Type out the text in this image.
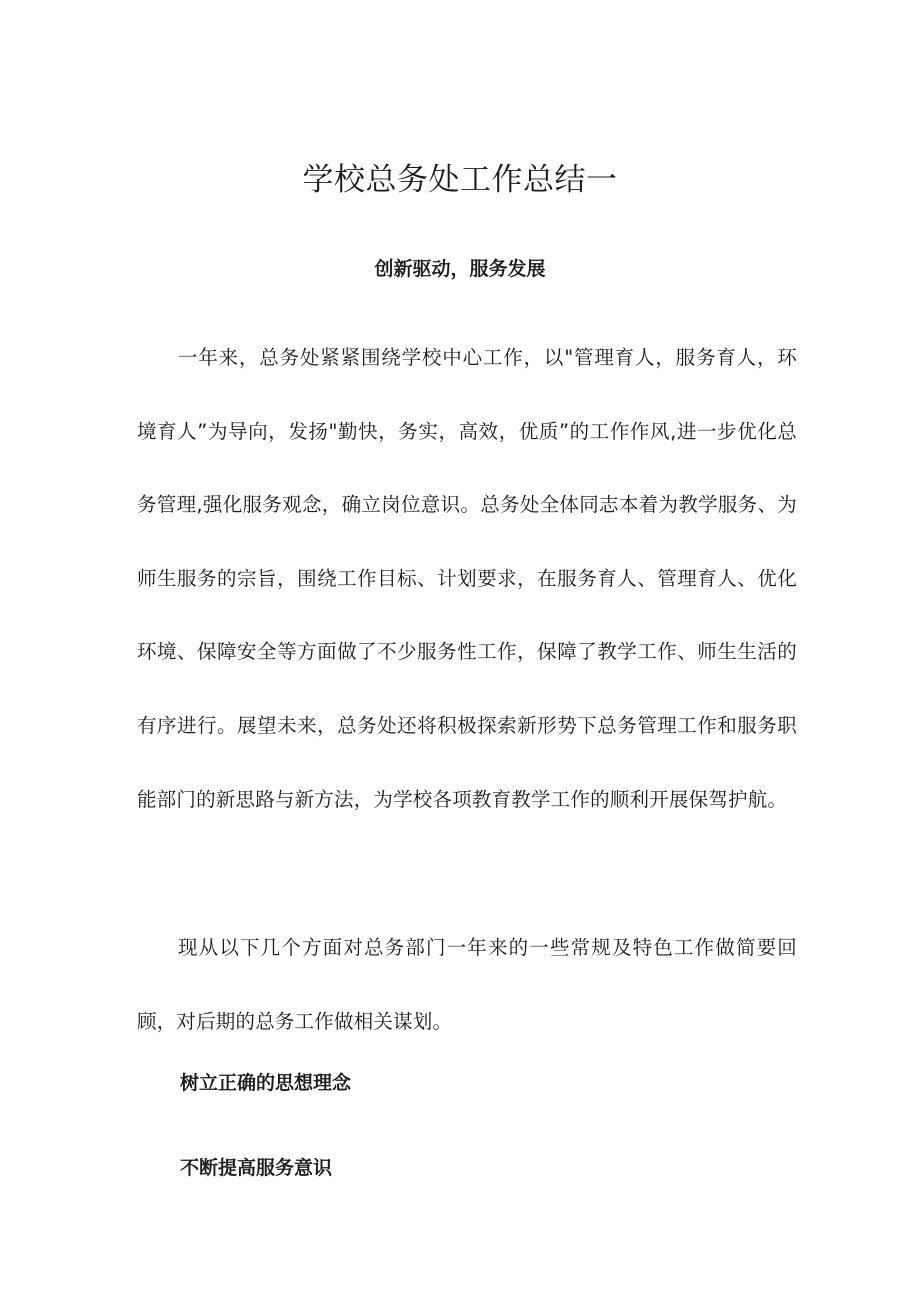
学校总务处工作总结一
创新驱动，服务发展

一年来，总务处紧紧围绕学校中心工作，以"管理育人，服务育人，环境育人”为导向，发扬"勤快，务实，高效，优质”的工作作风,进一步优化总务管理,强化服务观念，确立岗位意识。总务处全体同志本着为教学服务、为师生服务的宗旨，围绕工作目标、计划要求，在服务育人、管理育人、优化环境、保障安全等方面做了不少服务性工作，保障了教学工作、师生生活的有序进行。展望未来，总务处还将积极探索新形势下总务管理工作和服务职能部门的新思路与新方法，为学校各项教育教学工作的顺利开展保驾护航。

现从以下几个方面对总务部门一年来的一些常规及特色工作做简要回顾，对后期的总务工作做相关谋划。

树立正确的思想理念
不断提高服务意识
